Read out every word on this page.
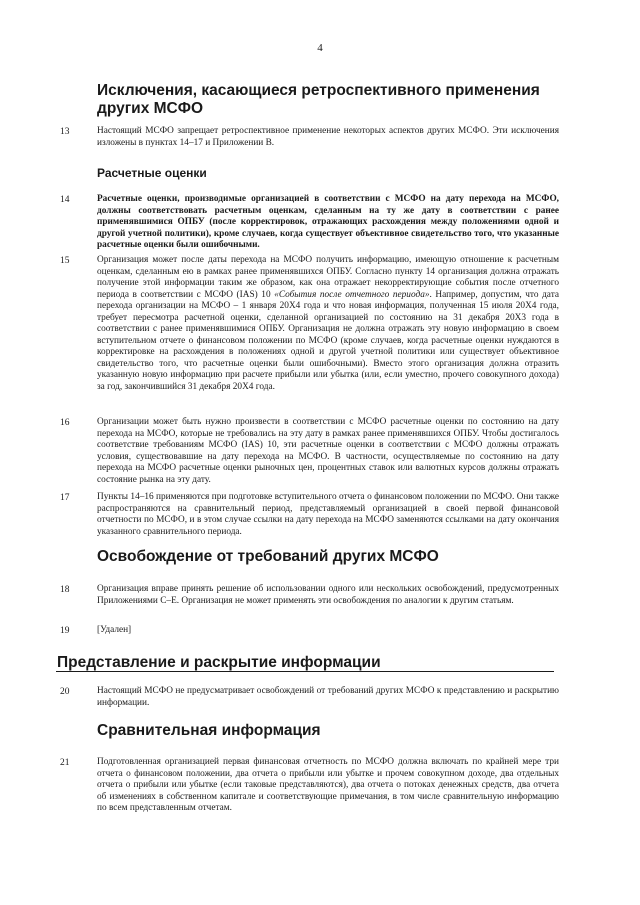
4
Исключения, касающиеся ретроспективного применения других МСФО
13	Настоящий МСФО запрещает ретроспективное применение некоторых аспектов других МСФО. Эти исключения изложены в пунктах 14–17 и Приложении В.
Расчетные оценки
14	Расчетные оценки, производимые организацией в соответствии с МСФО на дату перехода на МСФО, должны соответствовать расчетным оценкам, сделанным на ту же дату в соответствии с ранее применявшимися ОПБУ (после корректировок, отражающих расхождения между положениями одной и другой учетной политики), кроме случаев, когда существует объективное свидетельство того, что указанные расчетные оценки были ошибочными.
15	Организация может после даты перехода на МСФО получить информацию, имеющую отношение к расчетным оценкам, сделанным ею в рамках ранее применявшихся ОПБУ. Согласно пункту 14 организация должна отражать получение этой информации таким же образом, как она отражает некорректирующие события после отчетного периода в соответствии с МСФО (IAS) 10 «События после отчетного периода». Например, допустим, что дата перехода организации на МСФО – 1 января 20X4 года и что новая информация, полученная 15 июля 20X4 года, требует пересмотра расчетной оценки, сделанной организацией по состоянию на 31 декабря 20X3 года в соответствии с ранее применявшимися ОПБУ. Организация не должна отражать эту новую информацию в своем вступительном отчете о финансовом положении по МСФО (кроме случаев, когда расчетные оценки нуждаются в корректировке на расхождения в положениях одной и другой учетной политики или существует объективное свидетельство того, что расчетные оценки были ошибочными). Вместо этого организация должна отразить указанную новую информацию при расчете прибыли или убытка (или, если уместно, прочего совокупного дохода) за год, закончившийся 31 декабря 20X4 года.
16	Организации может быть нужно произвести в соответствии с МСФО расчетные оценки по состоянию на дату перехода на МСФО, которые не требовались на эту дату в рамках ранее применявшихся ОПБУ. Чтобы достигалось соответствие требованиям МСФО (IAS) 10, эти расчетные оценки в соответствии с МСФО должны отражать условия, существовавшие на дату перехода на МСФО. В частности, осуществляемые по состоянию на дату перехода на МСФО расчетные оценки рыночных цен, процентных ставок или валютных курсов должны отражать состояние рынка на эту дату.
17	Пункты 14–16 применяются при подготовке вступительного отчета о финансовом положении по МСФО. Они также распространяются на сравнительный период, представляемый организацией в своей первой финансовой отчетности по МСФО, и в этом случае ссылки на дату перехода на МСФО заменяются ссылками на дату окончания указанного сравнительного периода.
Освобождение от требований других МСФО
18	Организация вправе принять решение об использовании одного или нескольких освобождений, предусмотренных Приложениями С–Е. Организация не может применять эти освобождения по аналогии к другим статьям.
19	[Удален]
Представление и раскрытие информации
20	Настоящий МСФО не предусматривает освобождений от требований других МСФО к представлению и раскрытию информации.
Сравнительная информация
21	Подготовленная организацией первая финансовая отчетность по МСФО должна включать по крайней мере три отчета о финансовом положении, два отчета о прибыли или убытке и прочем совокупном доходе, два отдельных отчета о прибыли или убытке (если таковые представляются), два отчета о потоках денежных средств, два отчета об изменениях в собственном капитале и соответствующие примечания, в том числе сравнительную информацию по всем представленным отчетам.
